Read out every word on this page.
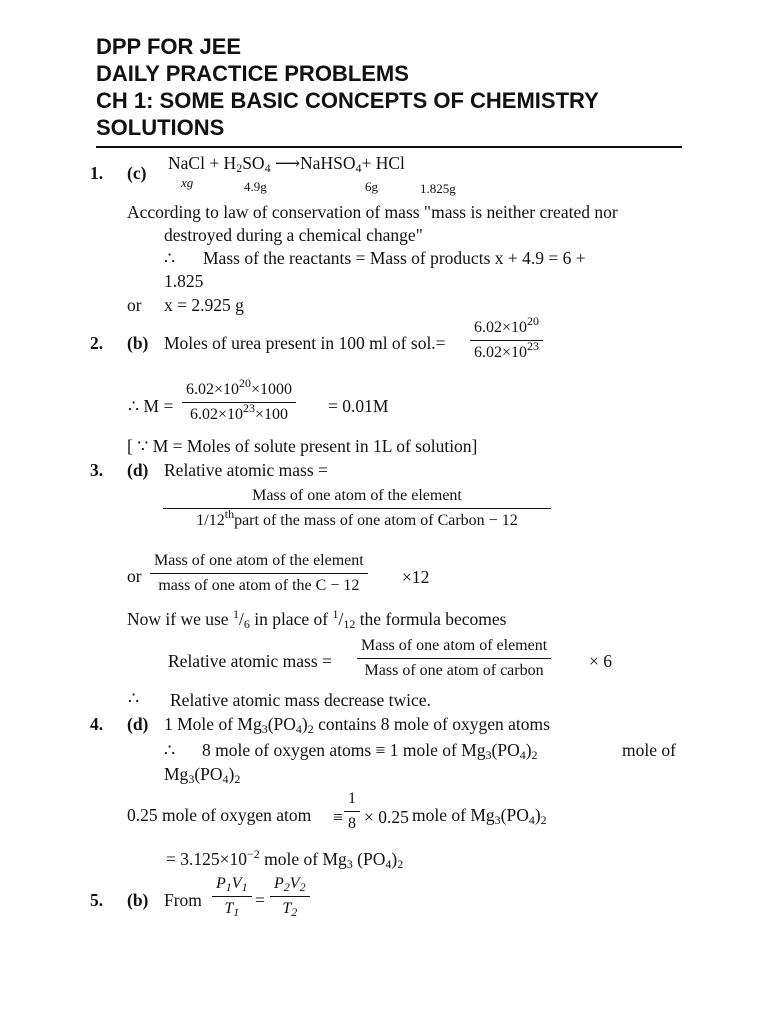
DPP FOR JEE
DAILY PRACTICE PROBLEMS
CH 1: SOME BASIC CONCEPTS OF CHEMISTRY
SOLUTIONS
1. (c) NaCl + $H_2SO_4$ ⟶NaHSO$_4$+ HCl
xg	4.9g	6g	1.825g
According to law of conservation of mass "mass is neither created nor
destroyed during a chemical change"
∴ Mass of the reactants = Mass of products x + 4.9 = 6 +
1.825
or x = 2.925 g
2. (b) Moles of urea present in 100 ml of $sol.= \frac{6.02\times 10^{20}}{6.02\times 10^{23}}$
∴ $M = \frac{6.02\times 10^{20}\times 1000}{6.02\times 10^{23}\times 100} = 0.01M$
[ ∵ M = Moles of solute present in 1L of solution]
3. (d) Relative atomic mass =
Mass of one atom of the element
1/12thpart of the mass of one atom of Carbon − 12
or
Mass of one atom of the element
mass of one atom of the C − 12 ×12
Now if we use $^1/_6$ in place of $^1/_{12}$ the formula becomes
Relative atomic mass =
Mass of one atom of element
Mass of one atom of carbon	× 6
∴ Relative atomic mass decrease twice.
4. (d) 1 Mole of $Mg_3(PO_4)_2$ contains 8 mole of oxygen atoms
∴ 8 mole of oxygen atoms ≡ 1 mole of $Mg_3(PO_4)_2$	mole of
$Mg_3(PO_4)_2$
0.25 mole of oxygen atom ≡ $\frac{1}{8} \times 0.25$ mole of $Mg_3(PO_4)_2$
= $3.125\times 10^{-2}$ mole of $Mg_3$ $(PO_4)_2$
5. (b) From $\frac{P_1V_1}{T_1} = \frac{P_2V_2}{T_2}$
